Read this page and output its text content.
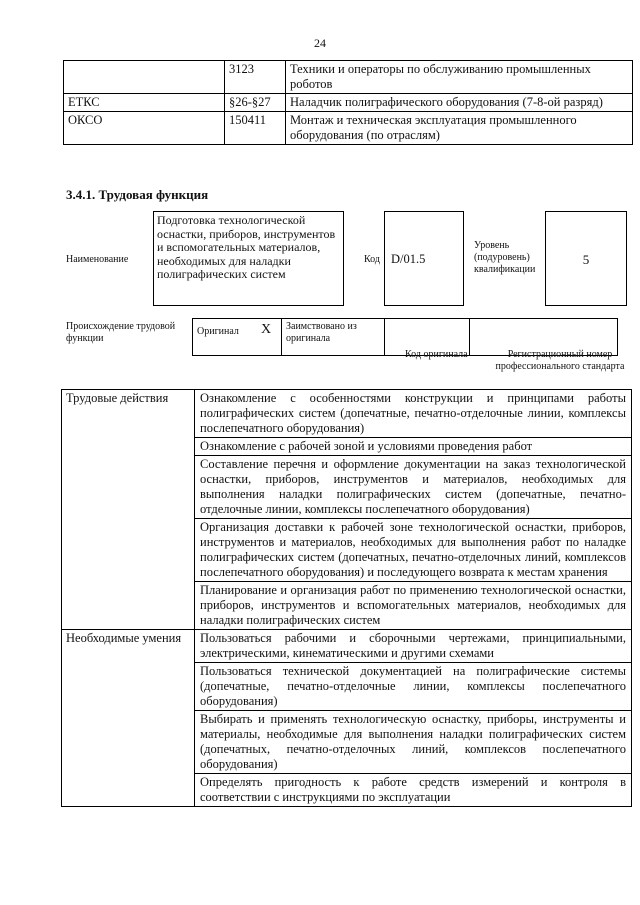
24
	3123	Техники и операторы по обслуживанию промышленных роботов
ЕТКС	§26-§27	Наладчик полиграфического оборудования (7-8-ой разряд)
ОКСО	150411	Монтаж и техническая эксплуатация промышленного оборудования (по отраслям)
3.4.1. Трудовая функция
Наименование
Подготовка технологической оснастки, приборов, инструментов и вспомогательных материалов, необходимых для наладки полиграфических систем
Код D/01.5
Уровень (подуровень) квалификации
5
Происхождение трудовой функции
Оригинал	X	Заимствовано из оригинала		
Код оригинала	Регистрационный номер профессионального стандарта
Трудовые действия	Ознакомление с особенностями конструкции и принципами работы полиграфических систем (допечатные, печатно-отделочные линии, комплексы послепечатного оборудования)
	Ознакомление с рабочей зоной и условиями проведения работ
	Составление перечня и оформление документации на заказ технологической оснастки, приборов, инструментов и материалов, необходимых для выполнения наладки полиграфических систем (допечатные, печатно-отделочные линии, комплексы послепечатного оборудования)
	Организация доставки к рабочей зоне технологической оснастки, приборов, инструментов и материалов, необходимых для выполнения работ по наладке полиграфических систем (допечатных, печатно-отделочных линий, комплексов послепечатного оборудования) и последующего возврата к местам хранения
	Планирование и организация работ по применению технологической оснастки, приборов, инструментов и вспомогательных материалов, необходимых для наладки полиграфических систем
Необходимые умения	Пользоваться рабочими и сборочными чертежами, принципиальными, электрическими, кинематическими и другими схемами
	Пользоваться технической документацией на полиграфические системы (допечатные, печатно-отделочные линии, комплексы послепечатного оборудования)
	Выбирать и применять технологическую оснастку, приборы, инструменты и материалы, необходимые для выполнения наладки полиграфических систем (допечатных, печатно-отделочных линий, комплексов послепечатного оборудования)
	Определять пригодность к работе средств измерений и контроля в соответствии с инструкциями по эксплуатации
